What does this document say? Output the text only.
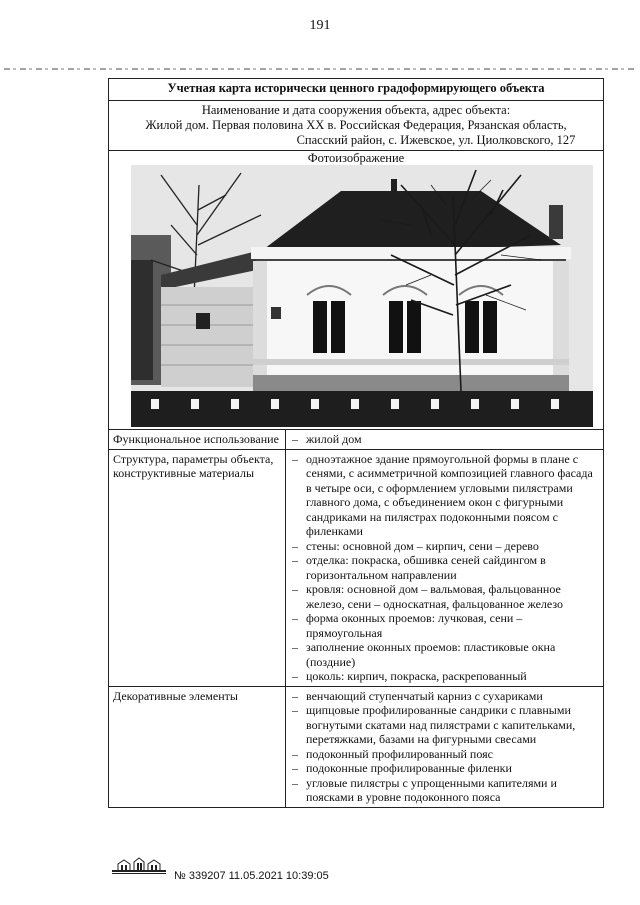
191
Учетная карта исторически ценного градоформирующего объекта
Наименование и дата сооружения объекта, адрес объекта:
Жилой дом. Первая половина XX в. Российская Федерация, Рязанская область,
Спасский район, с. Ижевское, ул. Циолковского, 127
Фотоизображение
Функциональное использование	
–жилой дом

Структура, параметры объекта, конструктивные материалы	
– одноэтажное здание прямоугольной формы в плане с сенями, с асимметричной композицией главного фасада в четыре оси, с оформлением угловыми пилястрами главного дома, с объединением окон с фигурными сандриками на пилястрах подоконными поясом с филенками
– стены: основной дом – кирпич, сени – дерево
– отделка: покраска, обшивка сеней сайдингом в горизонтальном направлении
– кровля: основной дом – вальмовая, фальцованное железо, сени – односкатная, фальцованное железо
– форма оконных проемов: лучковая, сени – прямоугольная
– заполнение оконных проемов: пластиковые окна (поздние)
– цоколь: кирпич, покраска, раскрепованный

Декоративные элементы	
–венчающий ступенчатый карниз с сухариками
– щипцовые профилированные сандрики с плавными вогнутыми скатами над пилястрами с капительками, перетяжками, базами на фигурными свесами
– подоконный профилированный пояс
– подоконные профилированные филенки
– угловые пилястры с упрощенными капителями и поясками в уровне подоконного пояса
№ 339207 11.05.2021 10:39:05
